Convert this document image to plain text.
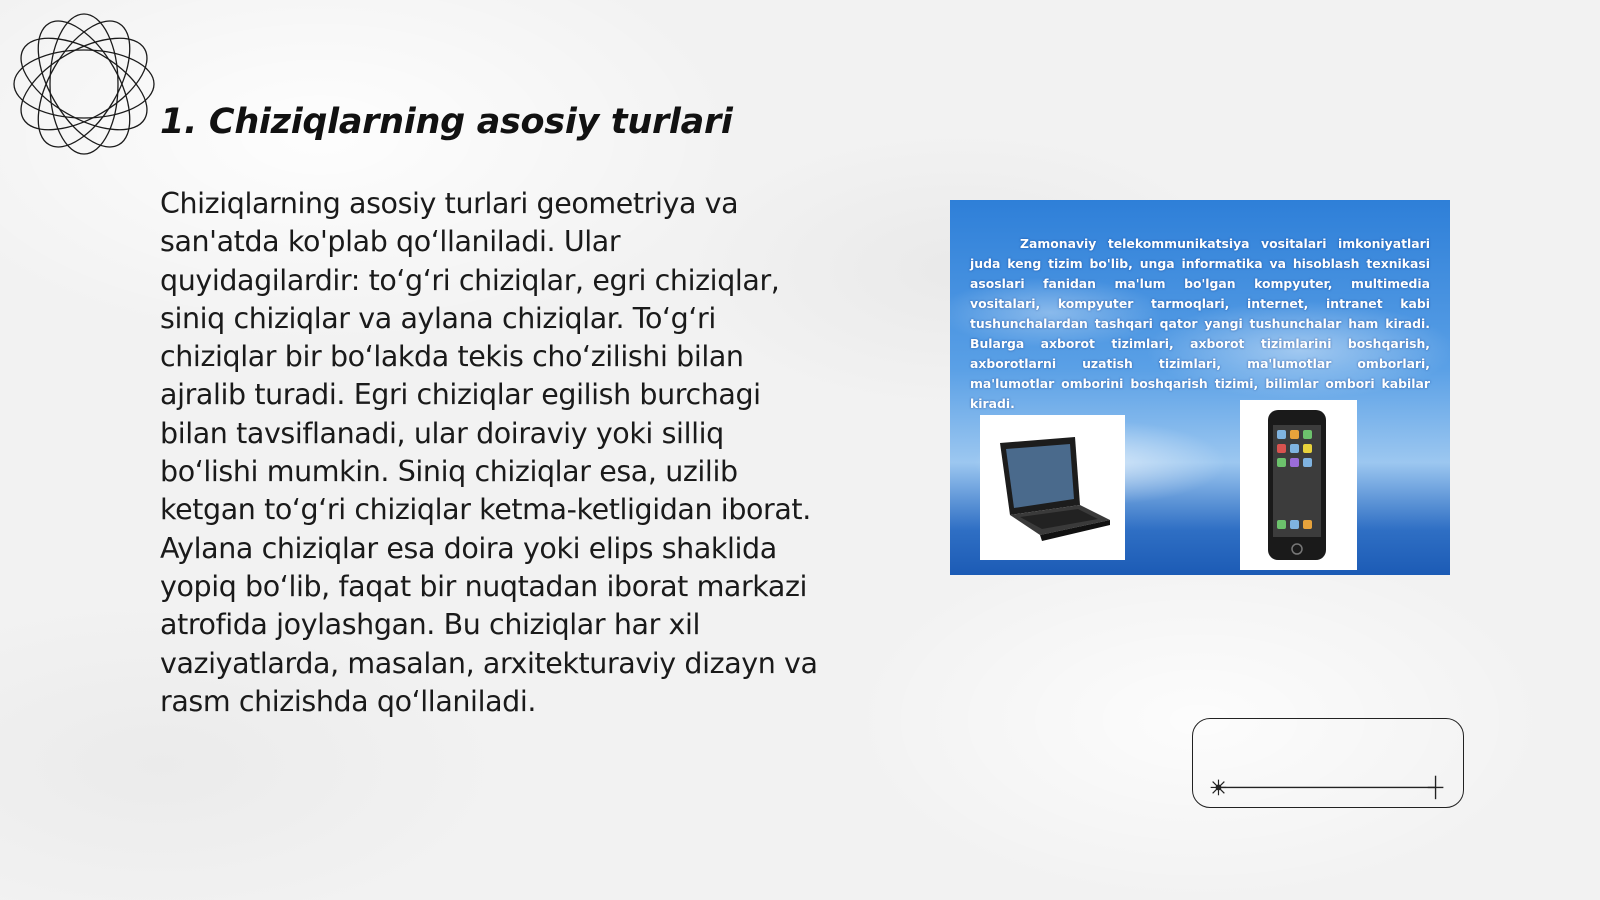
1. Chiziqlarning asosiy turlari

Chiziqlarning asosiy turlari geometriya va san'atda ko'plab qo‘llaniladi. Ular quyidagilardir: to‘g‘ri chiziqlar, egri chiziqlar, siniq chiziqlar va aylana chiziqlar. To‘g‘ri chiziqlar bir bo‘lakda tekis cho‘zilishi bilan ajralib turadi. Egri chiziqlar egilish burchagi bilan tavsiflanadi, ular doiraviy yoki silliq bo‘lishi mumkin. Siniq chiziqlar esa, uzilib ketgan to‘g‘ri chiziqlar ketma-ketligidan iborat. Aylana chiziqlar esa doira yoki elips shaklida yopiq bo‘lib, faqat bir nuqtadan iborat markazi atrofida joylashgan. Bu chiziqlar har xil vaziyatlarda, masalan, arxitekturaviy dizayn va rasm chizishda qo‘llaniladi.

Zamonaviy telekommunikatsiya vositalari imkoniyatlari juda keng tizim bo'lib, unga informatika va hisoblash texnikasi asoslari fanidan ma'lum bo'lgan kompyuter, multimedia vositalari, kompyuter tarmoqlari, internet, intranet kabi tushunchalardan tashqari qator yangi tushunchalar ham kiradi. Bularga axborot tizimlari, axborot tizimlarini boshqarish, axborotlarni uzatish tizimlari, ma'lumotlar omborlari, ma'lumotlar omborini boshqarish tizimi, bilimlar ombori kabilar kiradi.
